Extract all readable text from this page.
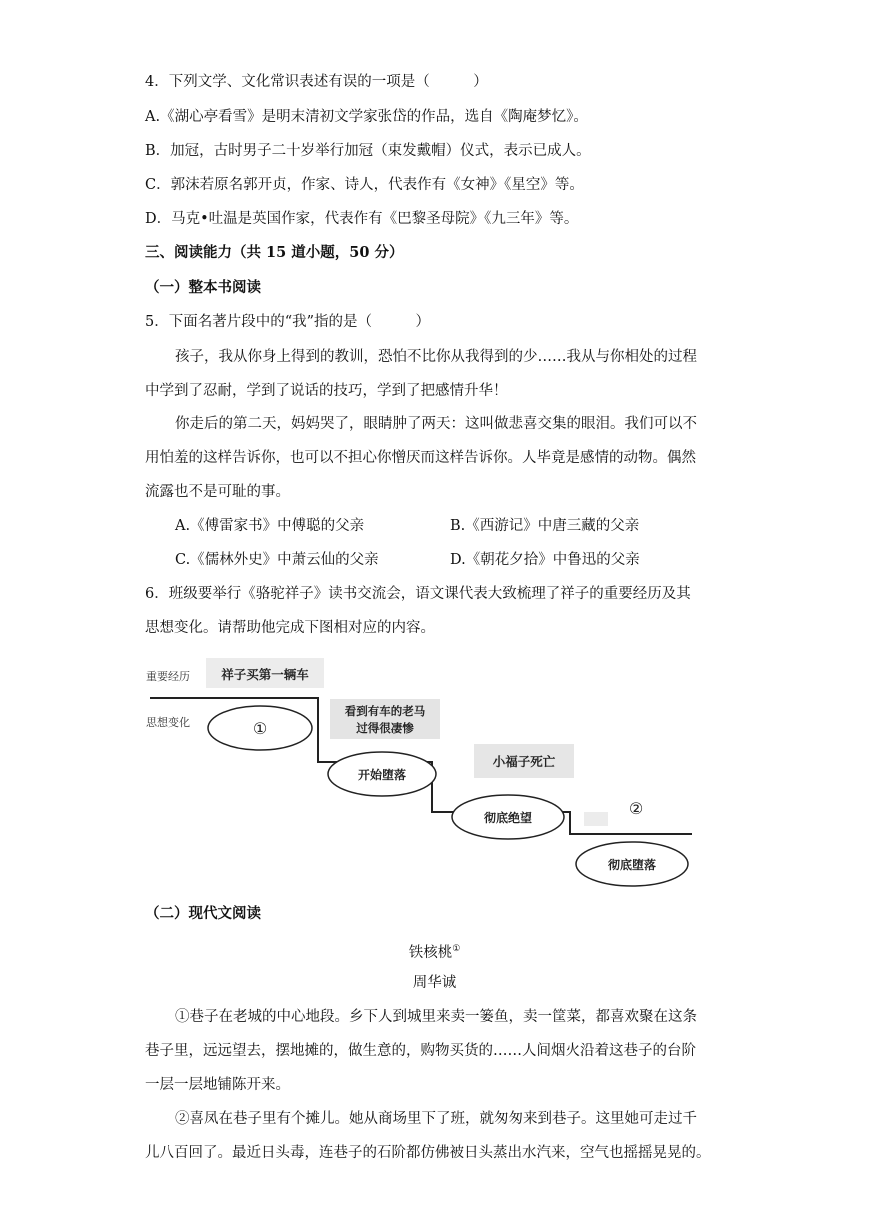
4．下列文学、文化常识表述有误的一项是（　　　）
A.《湖心亭看雪》是明末清初文学家张岱的作品，选自《陶庵梦忆》。
B．加冠，古时男子二十岁举行加冠（束发戴帽）仪式，表示已成人。
C．郭沫若原名郭开贞，作家、诗人，代表作有《女神》《星空》等。
D．马克•吐温是英国作家，代表作有《巴黎圣母院》《九三年》等。
三、阅读能力（共 15 道小题，50 分）
（一）整本书阅读
5．下面名著片段中的“我”指的是（　　　）
孩子，我从你身上得到的教训，恐怕不比你从我得到的少……我从与你相处的过程
中学到了忍耐，学到了说话的技巧，学到了把感情升华！
你走后的第二天，妈妈哭了，眼睛肿了两天：这叫做悲喜交集的眼泪。我们可以不
用怕羞的这样告诉你，也可以不担心你憎厌而这样告诉你。人毕竟是感情的动物。偶然
流露也不是可耻的事。
A.《傅雷家书》中傅聪的父亲	B.《西游记》中唐三藏的父亲
C.《儒林外史》中萧云仙的父亲	D.《朝花夕拾》中鲁迅的父亲
6．班级要举行《骆驼祥子》读书交流会，语文课代表大致梳理了祥子的重要经历及其
思想变化。请帮助他完成下图相对应的内容。
重要经历
思想变化
祥子买第一辆车
看到有车的老马
过得很凄惨
小福子死亡
②
①
开始堕落
彻底绝望
彻底堕落
（二）现代文阅读
铁核桃①
周华诚
①巷子在老城的中心地段。乡下人到城里来卖一篓鱼，卖一筐菜，都喜欢聚在这条
巷子里，远远望去，摆地摊的，做生意的，购物买货的……人间烟火沿着这巷子的台阶
一层一层地铺陈开来。
②喜凤在巷子里有个摊儿。她从商场里下了班，就匆匆来到巷子。这里她可走过千
儿八百回了。最近日头毒，连巷子的石阶都仿佛被日头蒸出水汽来，空气也摇摇晃晃的。
